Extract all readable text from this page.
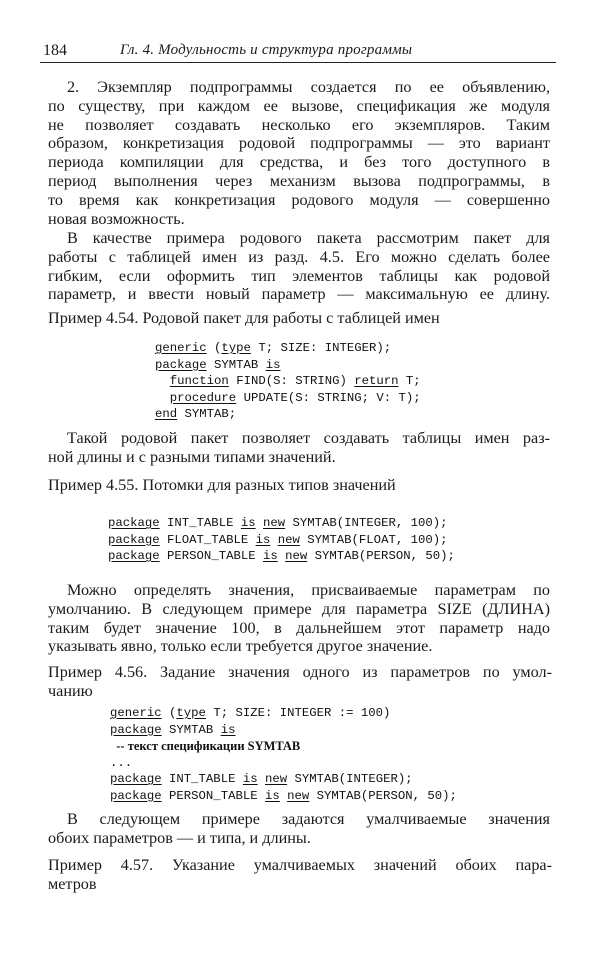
184	Гл. 4. Модульность и структура программы

2. Экземпляр подпрограммы создается по ее объявлению,
по существу, при каждом ее вызове, спецификация же модуля
не позволяет создавать несколько его экземпляров. Таким
образом, конкретизация родовой подпрограммы — это вариант
периода компиляции для средства, и без того доступного в
период выполнения через механизм вызова подпрограммы, в
то время как конкретизация родового модуля — совершенно
новая возможность.

В качестве примера родового пакета рассмотрим пакет для
работы с таблицей имен из разд. 4.5. Его можно сделать более
гибким, если оформить тип элементов таблицы как родовой
параметр, и ввести новый параметр — максимальную ее длину.

Пример 4.54. Родовой пакет для работы с таблицей имен

generic (type T; SIZE: INTEGER);
package SYMTAB is
function FIND(S: STRING) return T;
procedure UPDATE(S: STRING; V: T);
end SYMTAB;

Такой родовой пакет позволяет создавать таблицы имен раз-
ной длины и с разными типами значений.

Пример 4.55. Потомки для разных типов значений

package INT_TABLE is new SYMTAB(INTEGER, 100);
package FLOAT_TABLE is new SYMTAB(FLOAT, 100);
package PERSON_TABLE is new SYMTAB(PERSON, 50);

Можно определять значения, присваиваемые параметрам по
умолчанию. В следующем примере для параметра SIZE (ДЛИНА)
таким будет значение 100, в дальнейшем этот параметр надо
указывать явно, только если требуется другое значение.

Пример 4.56. Задание значения одного из параметров по умол-
чанию

generic (type T; SIZE: INTEGER := 100)
package SYMTAB is
-- текст спецификации SYMTAB
...
package INT_TABLE is new SYMTAB(INTEGER);
package PERSON_TABLE is new SYMTAB(PERSON, 50);

В следующем примере задаются умалчиваемые значения
обоих параметров — и типа, и длины.

Пример 4.57. Указание умалчиваемых значений обоих пара-
метров
